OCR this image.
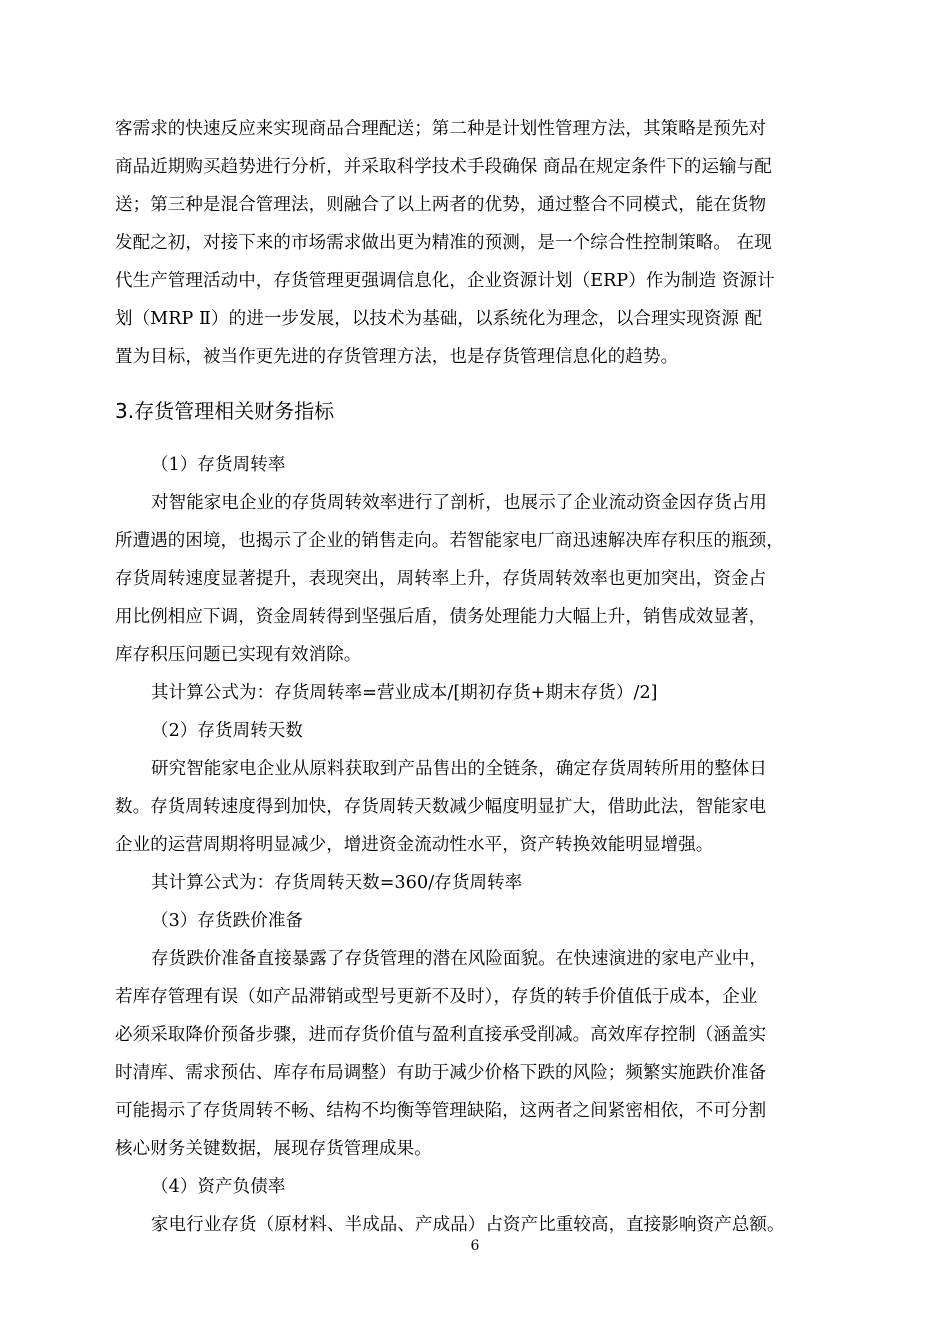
客需求的快速反应来实现商品合理配送；第二种是计划性管理方法，其策略是预先对
商品近期购买趋势进行分析，并采取科学技术手段确保 商品在规定条件下的运输与配
送；第三种是混合管理法，则融合了以上两者的优势，通过整合不同模式，能在货物
发配之初，对接下来的市场需求做出更为精准的预测，是一个综合性控制策略。 在现
代生产管理活动中，存货管理更强调信息化，企业资源计划（ERP）作为制造 资源计
划（MRP Ⅱ）的进一步发展，以技术为基础，以系统化为理念，以合理实现资源 配
置为目标，被当作更先进的存货管理方法，也是存货管理信息化的趋势。
3.存货管理相关财务指标
（1）存货周转率
对智能家电企业的存货周转效率进行了剖析，也展示了企业流动资金因存货占用
所遭遇的困境，也揭示了企业的销售走向。若智能家电厂商迅速解决库存积压的瓶颈，
存货周转速度显著提升，表现突出，周转率上升，存货周转效率也更加突出，资金占
用比例相应下调，资金周转得到坚强后盾，债务处理能力大幅上升，销售成效显著，
库存积压问题已实现有效消除。
其计算公式为：存货周转率=营业成本/[期初存货+期末存货）/2]
（2）存货周转天数
研究智能家电企业从原料获取到产品售出的全链条，确定存货周转所用的整体日
数。存货周转速度得到加快，存货周转天数减少幅度明显扩大，借助此法，智能家电
企业的运营周期将明显减少，增进资金流动性水平，资产转换效能明显增强。
其计算公式为：存货周转天数=360/存货周转率
（3）存货跌价准备
存货跌价准备直接暴露了存货管理的潜在风险面貌。在快速演进的家电产业中，
若库存管理有误（如产品滞销或型号更新不及时），存货的转手价值低于成本，企业
必须采取降价预备步骤，进而存货价值与盈利直接承受削减。高效库存控制（涵盖实
时清库、需求预估、库存布局调整）有助于减少价格下跌的风险；频繁实施跌价准备
可能揭示了存货周转不畅、结构不均衡等管理缺陷，这两者之间紧密相依，不可分割
核心财务关键数据，展现存货管理成果。
（4）资产负债率
家电行业存货（原材料、半成品、产成品）占资产比重较高，直接影响资产总额。
6
